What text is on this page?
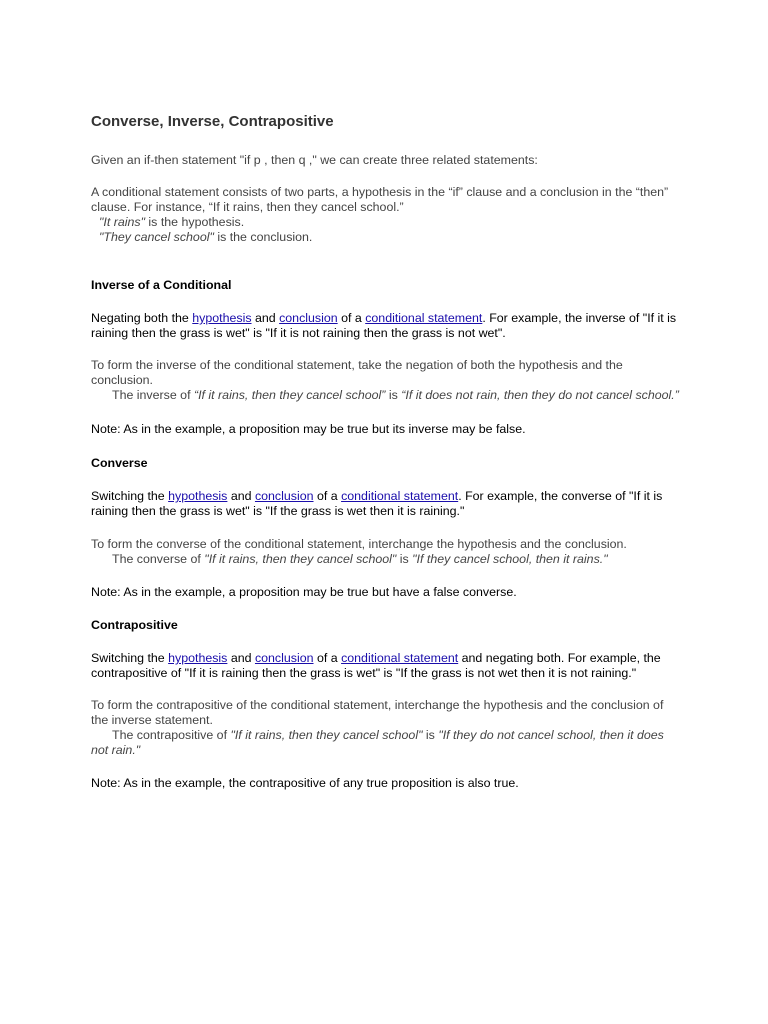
Converse, Inverse, Contrapositive

Given an if-then statement "if p , then q ," we can create three related statements:

A conditional statement consists of two parts, a hypothesis in the “if” clause and a conclusion in the “then” clause. For instance, “If it rains, then they cancel school.”

"It rains" is the hypothesis.

"They cancel school" is the conclusion.

Inverse of a Conditional

Negating both the hypothesis and conclusion of a conditional statement. For example, the inverse of "If it is raining then the grass is wet" is "If it is not raining then the grass is not wet".

To form the inverse of the conditional statement, take the negation of both the hypothesis and the conclusion.

The inverse of “If it rains, then they cancel school” is “If it does not rain, then they do not cancel school.”

Note: As in the example, a proposition may be true but its inverse may be false.

Converse

Switching the hypothesis and conclusion of a conditional statement. For example, the converse of "If it is raining then the grass is wet" is "If the grass is wet then it is raining."

To form the converse of the conditional statement, interchange the hypothesis and the conclusion.

The converse of "If it rains, then they cancel school" is "If they cancel school, then it rains."

Note: As in the example, a proposition may be true but have a false converse.

Contrapositive

Switching the hypothesis and conclusion of a conditional statement and negating both. For example, the contrapositive of "If it is raining then the grass is wet" is "If the grass is not wet then it is not raining."

To form the contrapositive of the conditional statement, interchange the hypothesis and the conclusion of the inverse statement.

The contrapositive of "If it rains, then they cancel school" is "If they do not cancel school, then it does not rain."

Note: As in the example, the contrapositive of any true proposition is also true.
